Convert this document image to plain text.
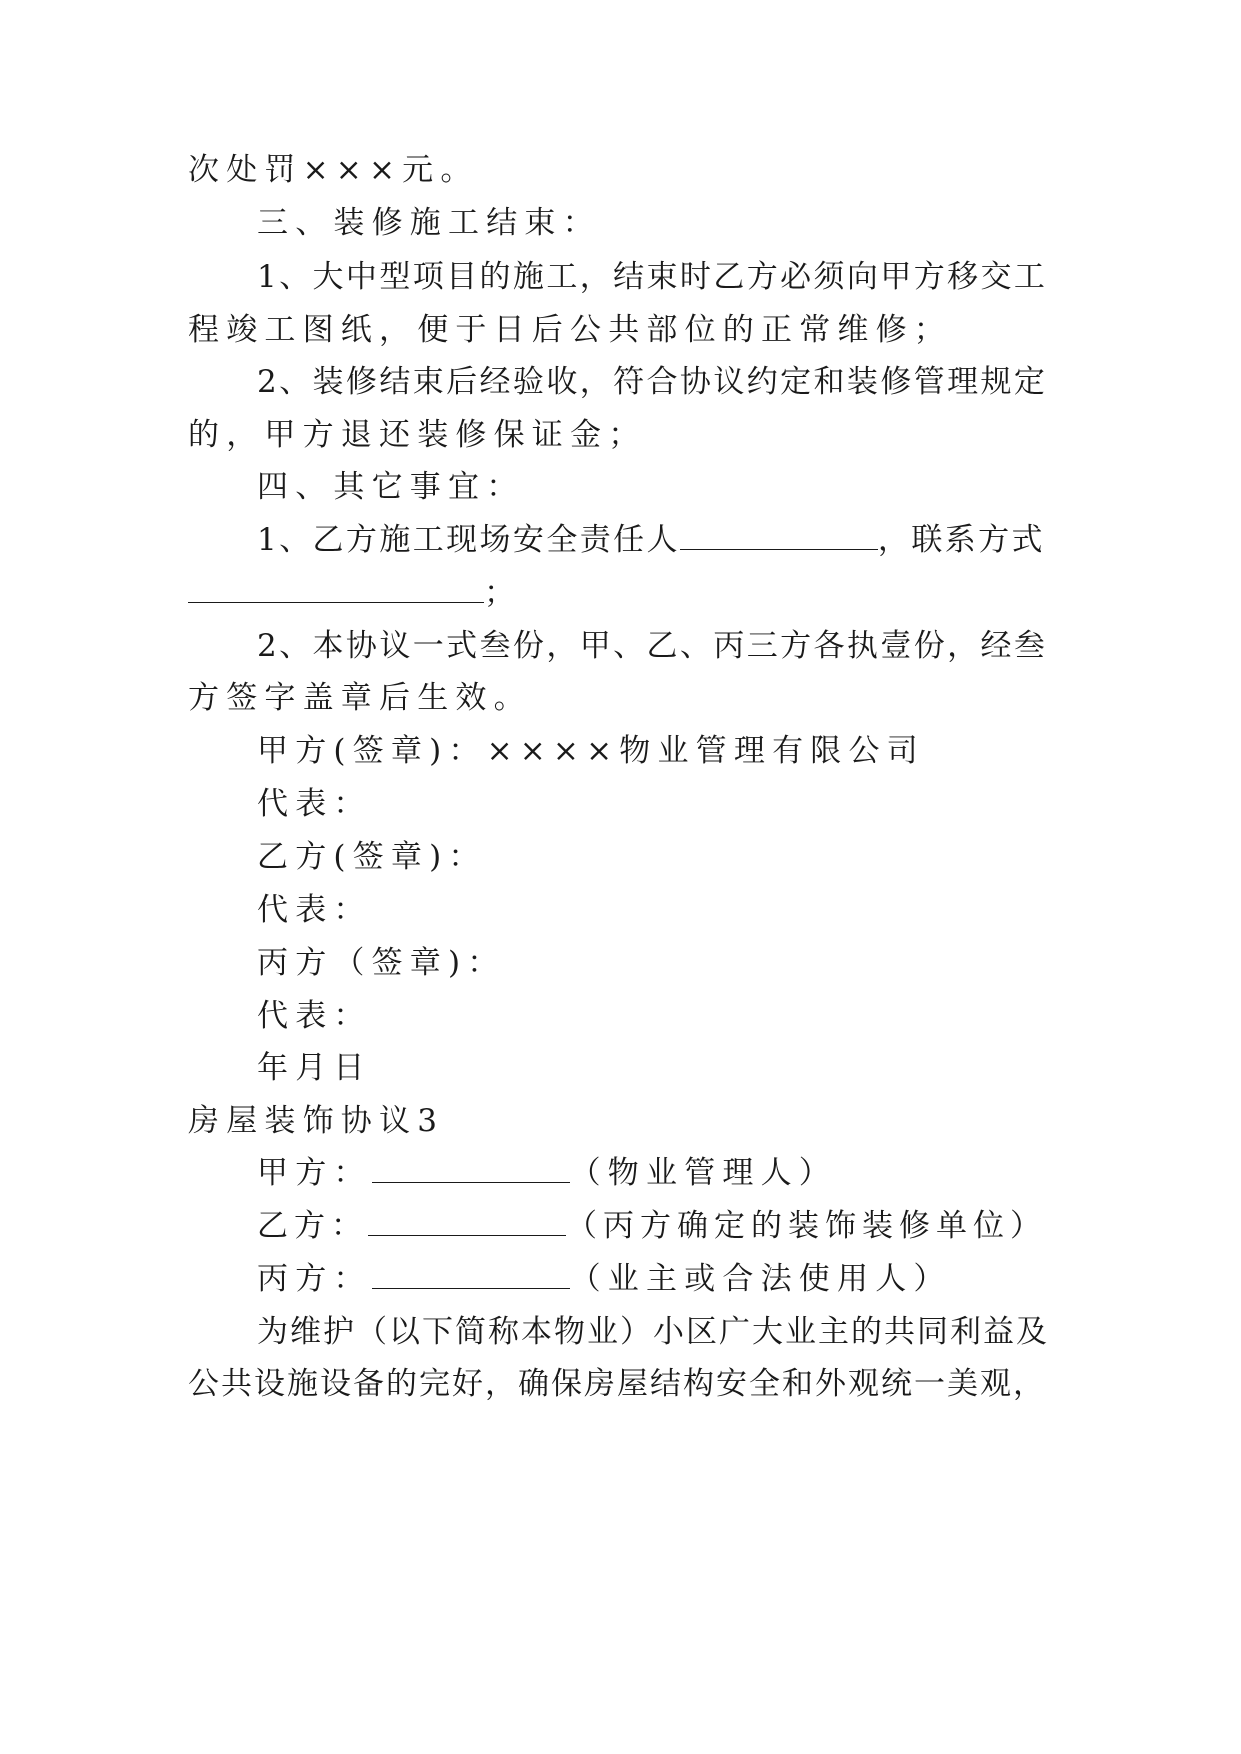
次处罚×××元。
三、装修施工结束：
1、大中型项目的施工，结束时乙方必须向甲方移交工
程竣工图纸，便于日后公共部位的正常维修；
2、装修结束后经验收，符合协议约定和装修管理规定
的，甲方退还装修保证金；
四、其它事宜：
1、乙方施工现场安全责任人	，联系方式
；
2、本协议一式叁份，甲、乙、丙三方各执壹份，经叁
方签字盖章后生效。
甲方(签章)：××××物业管理有限公司
代表：
乙方(签章)：
代表：
丙方（签章)：
代表：
年月日
房屋装饰协议3
甲方：	（物业管理人）
乙方：	（丙方确定的装饰装修单位）
丙方：	（业主或合法使用人）
为维护（以下简称本物业）小区广大业主的共同利益及
公共设施设备的完好，确保房屋结构安全和外观统一美观，
